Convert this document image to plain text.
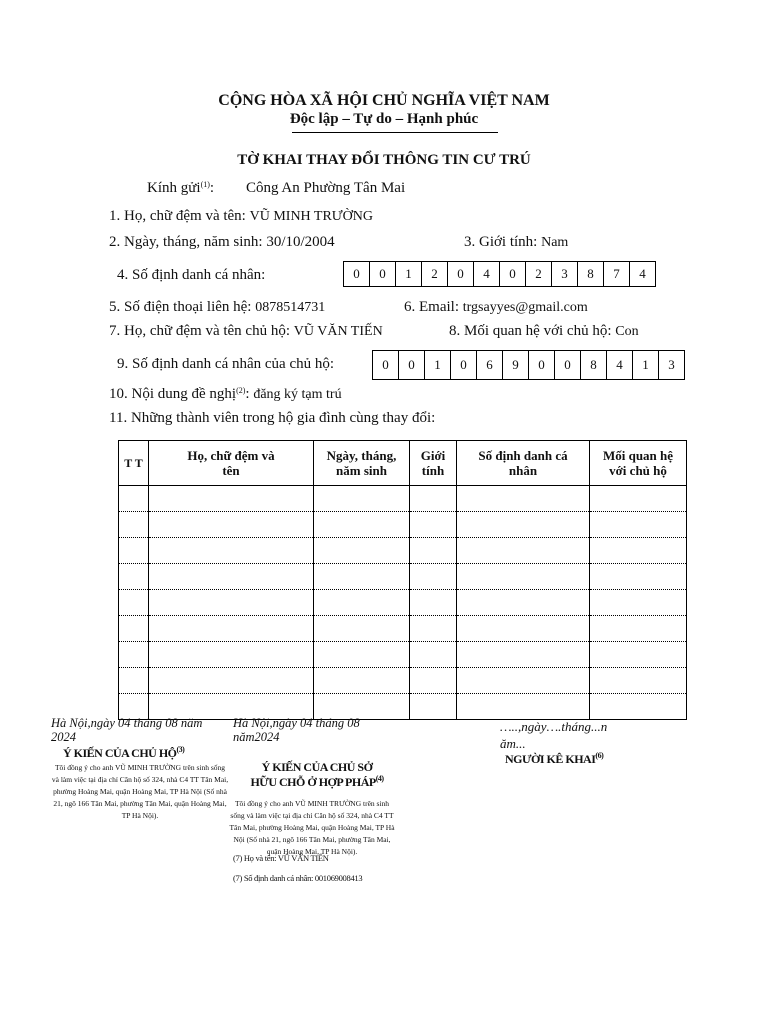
CỘNG HÒA XÃ HỘI CHỦ NGHĨA VIỆT NAM
Độc lập – Tự do – Hạnh phúc
TỜ KHAI THAY ĐỔI THÔNG TIN CƯ TRÚ
Kính gửi$^{(1)}$: Công An Phường Tân Mai
1. Họ, chữ đệm và tên: VŨ MINH TRƯỜNG
2. Ngày, tháng, năm sinh: 30/10/2004	3. Giới tính: Nam
4. Số định danh cá nhân:	0	0	1	2	0	4	0	2	3	8	7	4
5. Số điện thoại liên hệ: 0878514731	6. Email: trgsayyes@gmail.com
7. Họ, chữ đệm và tên chủ hộ: VŨ VĂN TIẾN	8. Mối quan hệ với chủ hộ: Con
9. Số định danh cá nhân của chủ hộ:	0	0	1	0	6	9	0	0	8	4	1	3
10. Nội dung đề nghị$^{(2)}$: đăng ký tạm trú
11. Những thành viên trong hộ gia đình cùng thay đổi:
T T	Họ, chữ đệm và tên	Ngày, tháng, năm sinh	Giới tính	Số định danh cá nhân	Mối quan hệ với chủ hộ

Hà Nội,ngày 04 tháng 08 năm 2024
Ý KIẾN CỦA CHỦ HỘ$^{(3)}$
Tôi đồng ý cho anh VŨ MINH TRƯỜNG trên sinh sống và làm việc tại địa chỉ Căn hộ số 324, nhà C4 TT Tân Mai, phường Hoàng Mai, quận Hoàng Mai, TP Hà Nội (Số nhà 21, ngõ 166 Tân Mai, phường Tân Mai, quận Hoàng Mai, TP Hà Nội).
Hà Nội,ngày 04 tháng 08 năm2024
Ý KIẾN CỦA CHỦ SỞ
HỮU CHỖ Ở HỢP PHÁP$^{(4)}$
Tôi đồng ý cho anh VŨ MINH TRƯỜNG trên sinh sống và làm việc tại địa chỉ Căn hộ số 324, nhà C4 TT Tân Mai, phường Hoàng Mai, quận Hoàng Mai, TP Hà Nội (Số nhà 21, ngõ 166 Tân Mai, phường Tân Mai, quận Hoàng Mai, TP Hà Nội).
(7) Họ và tên: VŨ VĂN TIẾN
(7) Số định danh cá nhân: 001069008413
…..,ngày….tháng...n
ăm...
NGƯỜI KÊ KHAI$^{(6)}$
